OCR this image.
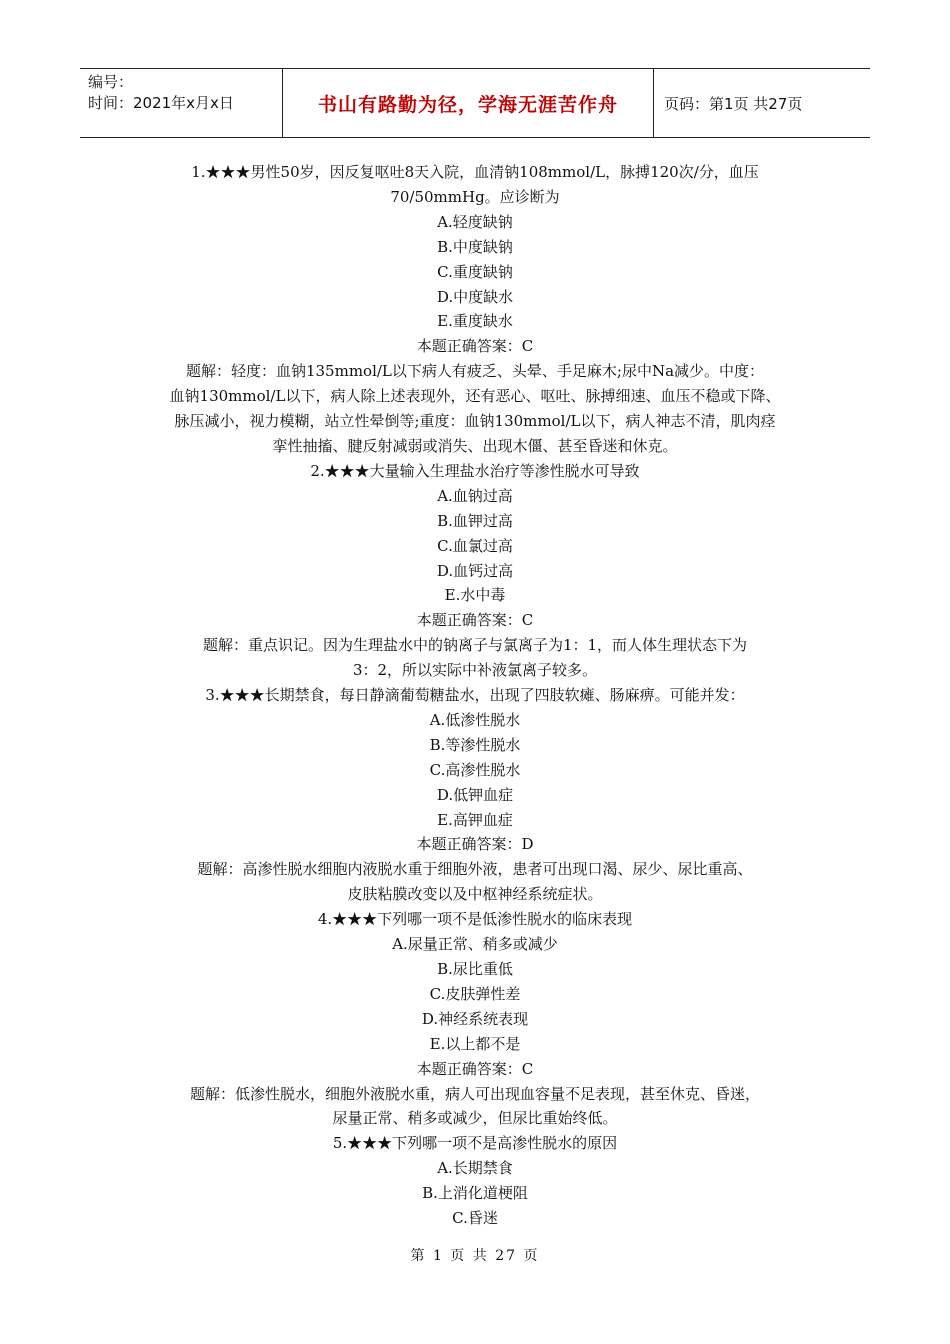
编号：
时间：2021年x月x日	书山有路勤为径，学海无涯苦作舟	页码：第1页 共27页

1.★★★男性50岁，因反复呕吐8天入院，血清钠108mmol/L，脉搏120次/分，血压

70/50mmHg。应诊断为

A.轻度缺钠

B.中度缺钠

C.重度缺钠

D.中度缺水

E.重度缺水

本题正确答案：C

题解：轻度：血钠135mmol/L以下病人有疲乏、头晕、手足麻木;尿中Na减少。中度：

血钠130mmol/L以下，病人除上述表现外，还有恶心、呕吐、脉搏细速、血压不稳或下降、

脉压减小，视力模糊，站立性晕倒等;重度：血钠130mmol/L以下，病人神志不清，肌肉痉

挛性抽搐、腱反射减弱或消失、出现木僵、甚至昏迷和休克。

2.★★★大量输入生理盐水治疗等渗性脱水可导致

A.血钠过高

B.血钾过高

C.血氯过高

D.血钙过高

E.水中毒

本题正确答案：C

题解：重点识记。因为生理盐水中的钠离子与氯离子为1：1，而人体生理状态下为

3：2，所以实际中补液氯离子较多。

3.★★★长期禁食，每日静滴葡萄糖盐水，出现了四肢软瘫、肠麻痹。可能并发：

A.低渗性脱水

B.等渗性脱水

C.高渗性脱水

D.低钾血症

E.高钾血症

本题正确答案：D

题解：高渗性脱水细胞内液脱水重于细胞外液，患者可出现口渴、尿少、尿比重高、

皮肤粘膜改变以及中枢神经系统症状。

4.★★★下列哪一项不是低渗性脱水的临床表现

A.尿量正常、稍多或减少

B.尿比重低

C.皮肤弹性差

D.神经系统表现

E.以上都不是

本题正确答案：C

题解：低渗性脱水，细胞外液脱水重，病人可出现血容量不足表现，甚至休克、昏迷，

尿量正常、稍多或减少，但尿比重始终低。

5.★★★下列哪一项不是高渗性脱水的原因

A.长期禁食

B.上消化道梗阻

C.昏迷

第 1 页 共 27 页
